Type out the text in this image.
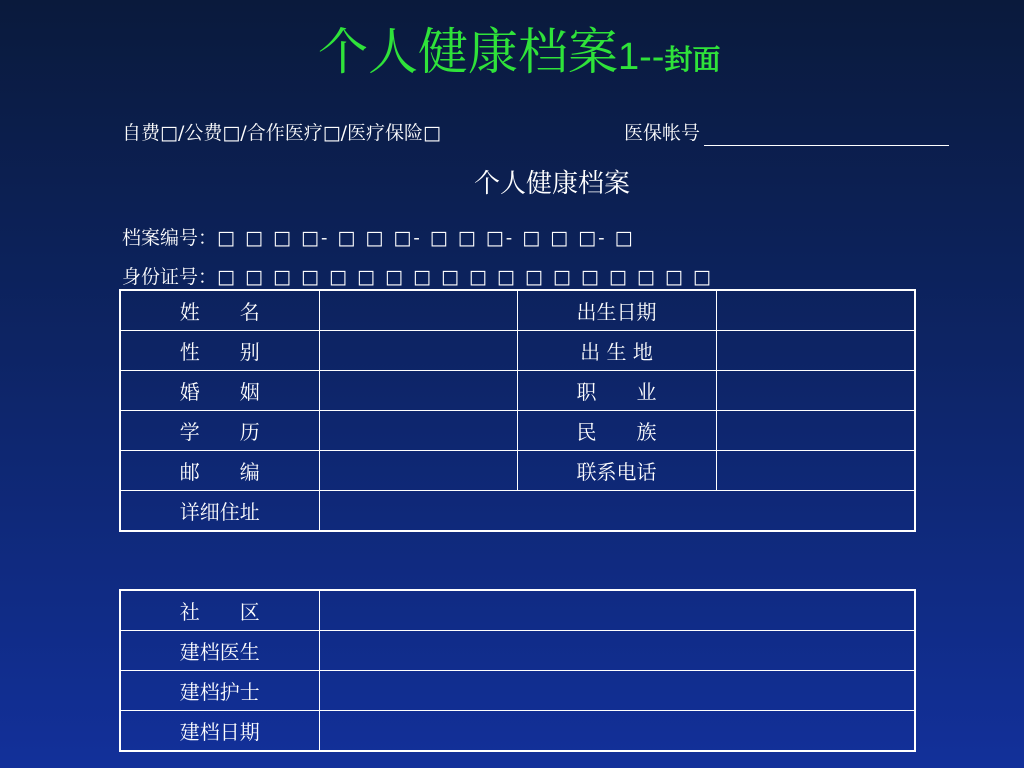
个人健康档案1--封面
自费□/公费□/合作医疗□/医疗保险□	医保帐号
个人健康档案
档案编号：□ □ □ □- □ □ □- □ □ □- □ □ □- □
身份证号：□ □ □ □ □ □ □ □ □ □ □ □ □ □ □ □ □ □
姓　　名		出生日期	
性　　别		出 生 地	
婚　　姻		职　　业	
学　　历		民　　族	
邮　　编		联系电话	
详细住址			
社　　区	
建档医生	
建档护士	
建档日期	
